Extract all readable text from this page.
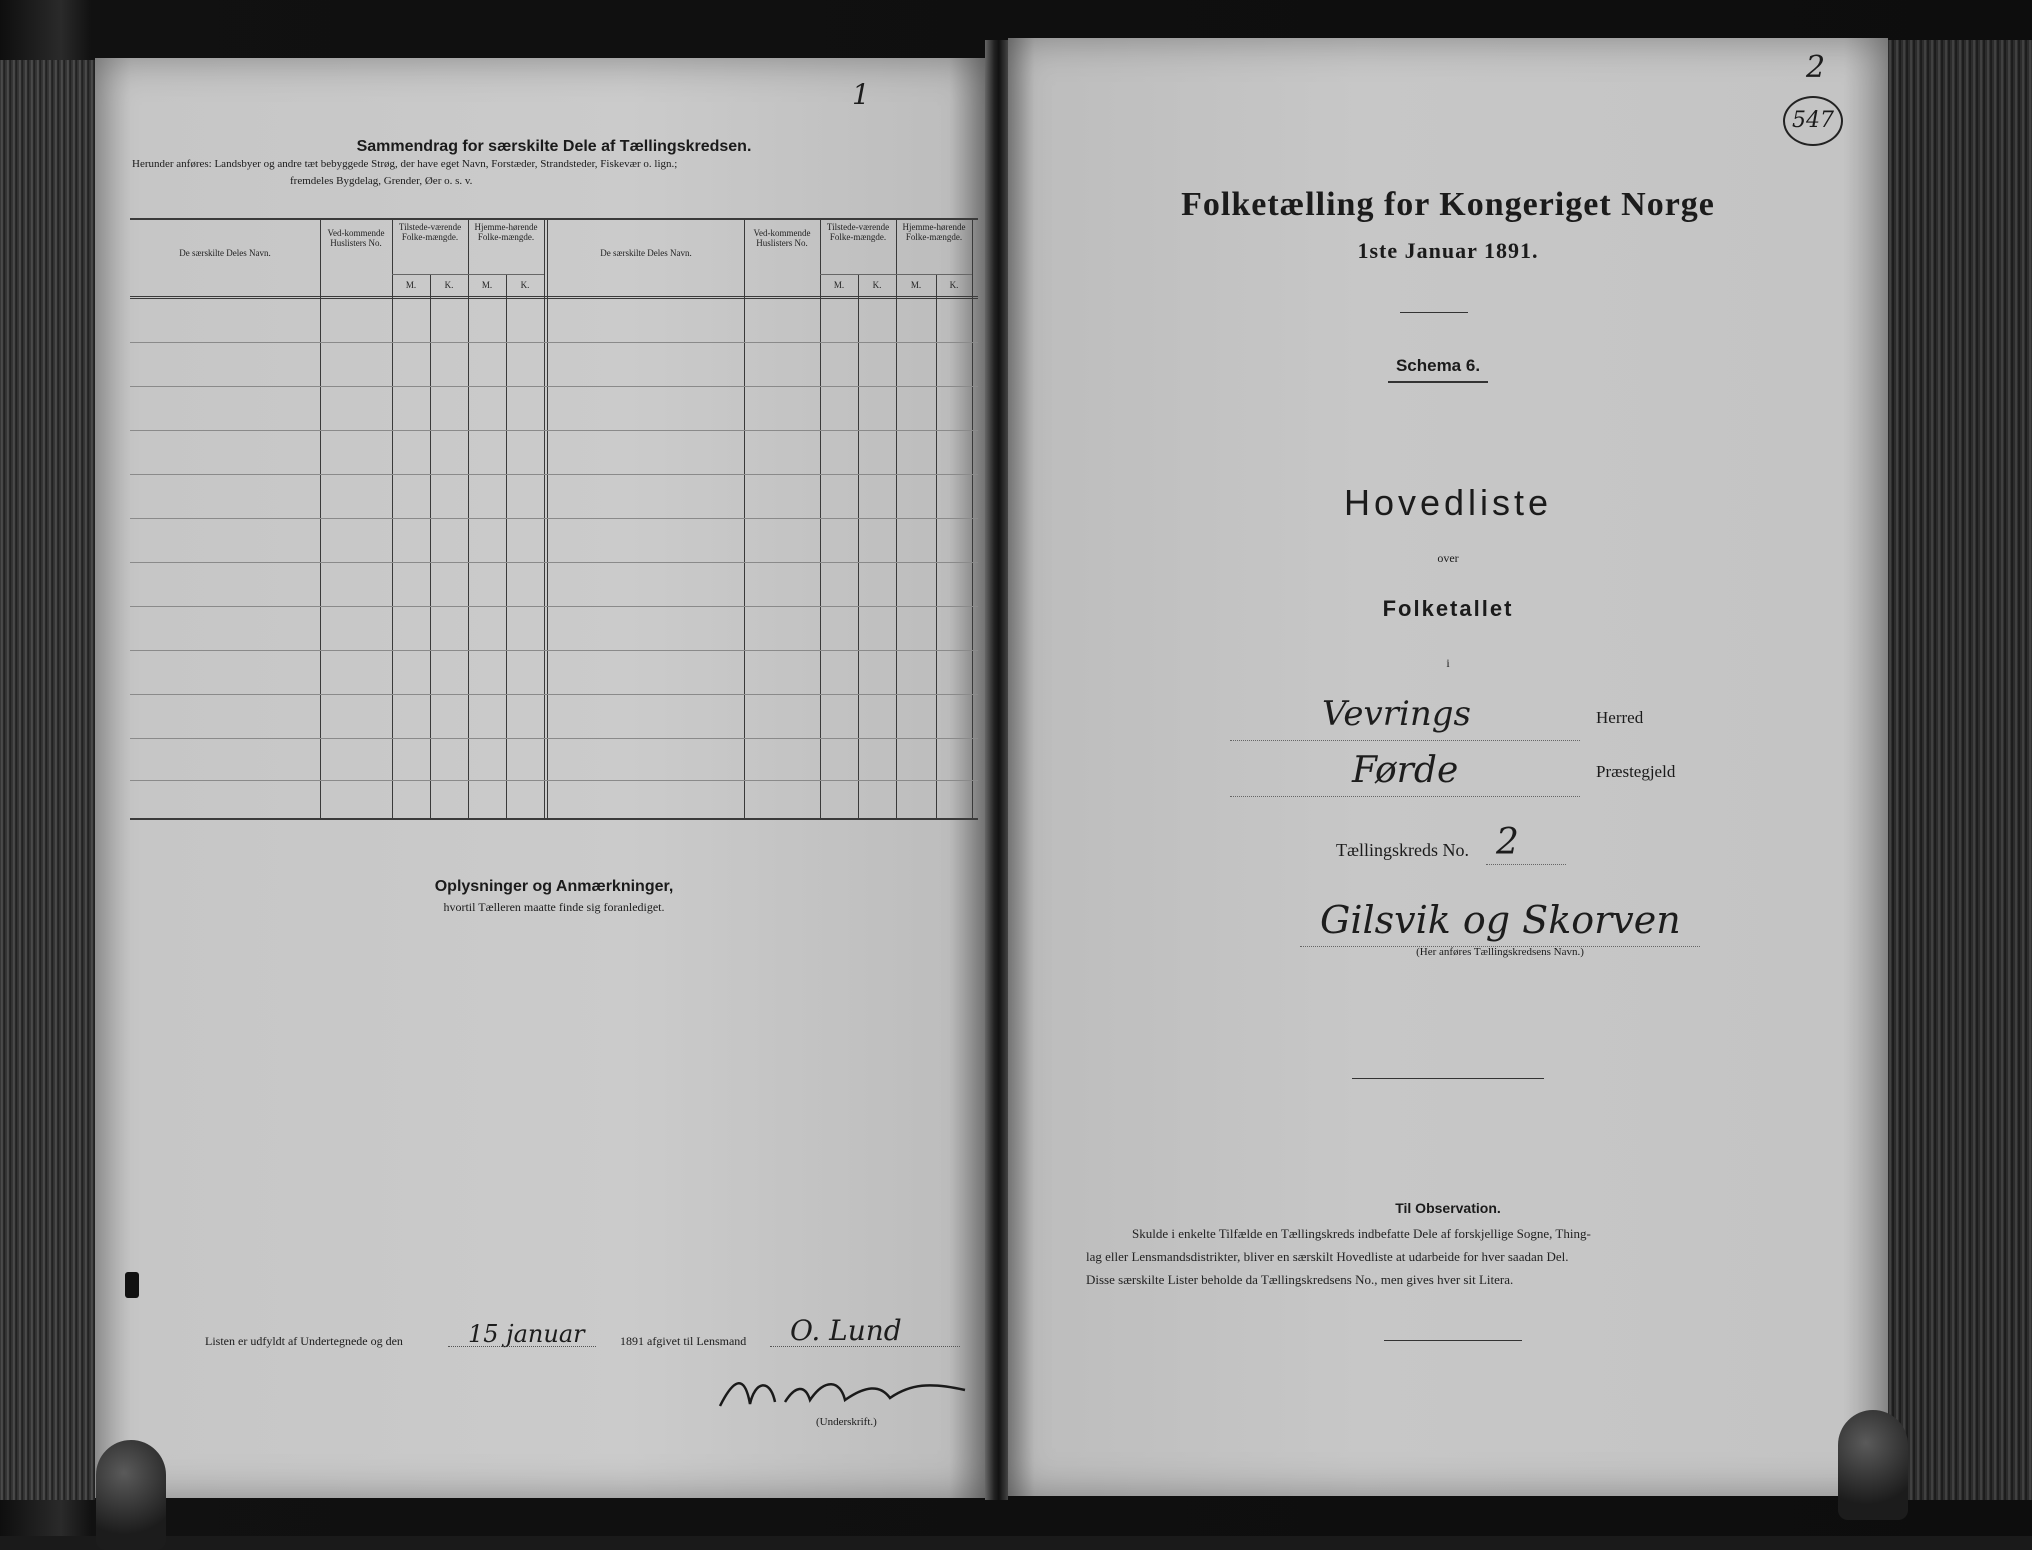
1
Sammendrag for særskilte Dele af Tællingskredsen.
Herunder anføres: Landsbyer og andre tæt bebyggede Strøg, der have eget Navn, Forstæder, Strandsteder, Fiskevær o. lign.;
fremdeles Bygdelag, Grender, Øer o. s. v.
De særskilte Deles Navn.
Ved-kommende Huslisters No.
Tilstede-værende Folke-mængde.
Hjemme-hørende Folke-mængde.
M.	K.	M.	K.
De særskilte Deles Navn.
Ved-kommende Huslisters No.
Tilstede-værende Folke-mængde.
Hjemme-hørende Folke-mængde.
M.	K.	M.	K.
Oplysninger og Anmærkninger,
hvortil Tælleren maatte finde sig foranlediget.
Listen er udfyldt af Undertegnede og den	15 januar	1891 afgivet til Lensmand O. Lund
(Underskrift.)
2
547
Folketælling for Kongeriget Norge
1ste Januar 1891.
Schema 6.
Hovedliste
over
Folketallet
i
Vevrings	Herred
Førde	Præstegjeld
Tællingskreds No. 2
Gilsvik og Skorven
(Her anføres Tællingskredsens Navn.)
Til Observation.
Skulde i enkelte Tilfælde en Tællingskreds indbefatte Dele af forskjellige Sogne, Thing-
lag eller Lensmandsdistrikter, bliver en særskilt Hovedliste at udarbeide for hver saadan Del.
Disse særskilte Lister beholde da Tællingskredsens No., men gives hver sit Litera.
